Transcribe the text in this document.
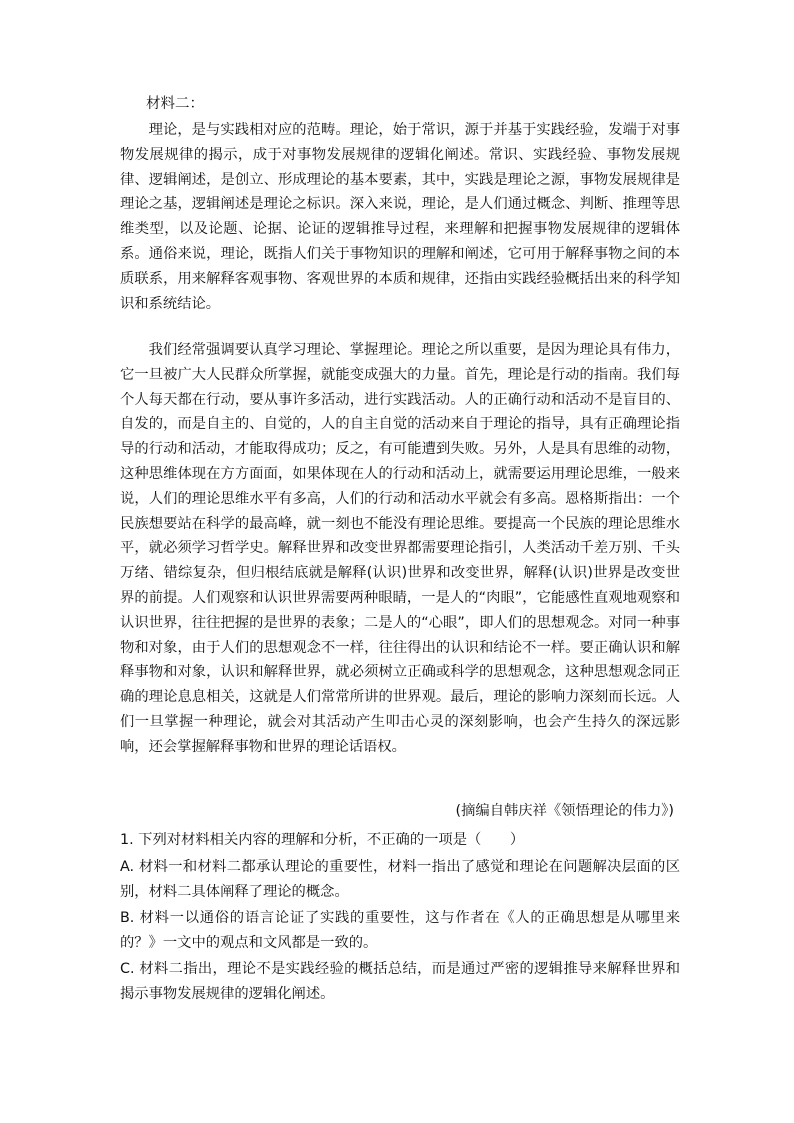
材料二：

理论，是与实践相对应的范畴。理论，始于常识，源于并基于实践经验，发端于对事物发展规律的揭示，成于对事物发展规律的逻辑化阐述。常识、实践经验、事物发展规律、逻辑阐述，是创立、形成理论的基本要素，其中，实践是理论之源，事物发展规律是理论之基，逻辑阐述是理论之标识。深入来说，理论，是人们通过概念、判断、推理等思维类型，以及论题、论据、论证的逻辑推导过程，来理解和把握事物发展规律的逻辑体系。通俗来说，理论，既指人们关于事物知识的理解和阐述，它可用于解释事物之间的本质联系，用来解释客观事物、客观世界的本质和规律，还指由实践经验概括出来的科学知识和系统结论。

我们经常强调要认真学习理论、掌握理论。理论之所以重要，是因为理论具有伟力，它一旦被广大人民群众所掌握，就能变成强大的力量。首先，理论是行动的指南。我们每个人每天都在行动，要从事许多活动，进行实践活动。人的正确行动和活动不是盲目的、自发的，而是自主的、自觉的，人的自主自觉的活动来自于理论的指导，具有正确理论指导的行动和活动，才能取得成功；反之，有可能遭到失败。另外，人是具有思维的动物，这种思维体现在方方面面，如果体现在人的行动和活动上，就需要运用理论思维，一般来说，人们的理论思维水平有多高，人们的行动和活动水平就会有多高。恩格斯指出：一个民族想要站在科学的最高峰，就一刻也不能没有理论思维。要提高一个民族的理论思维水平，就必须学习哲学史。解释世界和改变世界都需要理论指引，人类活动千差万别、千头万绪、错综复杂，但归根结底就是解释(认识)世界和改变世界，解释(认识)世界是改变世界的前提。人们观察和认识世界需要两种眼睛，一是人的“肉眼”，它能感性直观地观察和认识世界，往往把握的是世界的表象；二是人的“心眼”，即人们的思想观念。对同一种事物和对象，由于人们的思想观念不一样，往往得出的认识和结论不一样。要正确认识和解释事物和对象，认识和解释世界，就必须树立正确或科学的思想观念，这种思想观念同正确的理论息息相关，这就是人们常常所讲的世界观。最后，理论的影响力深刻而长远。人们一旦掌握一种理论，就会对其活动产生叩击心灵的深刻影响，也会产生持久的深远影响，还会掌握解释事物和世界的理论话语权。

(摘编自韩庆祥《领悟理论的伟力》)
1. 下列对材料相关内容的理解和分析，不正确的一项是（　　）

A. 材料一和材料二都承认理论的重要性，材料一指出了感觉和理论在问题解决层面的区别，材料二具体阐释了理论的概念。

B. 材料一以通俗的语言论证了实践的重要性，这与作者在《人的正确思想是从哪里来的？》一文中的观点和文风都是一致的。

C. 材料二指出，理论不是实践经验的概括总结，而是通过严密的逻辑推导来解释世界和揭示事物发展规律的逻辑化阐述。
